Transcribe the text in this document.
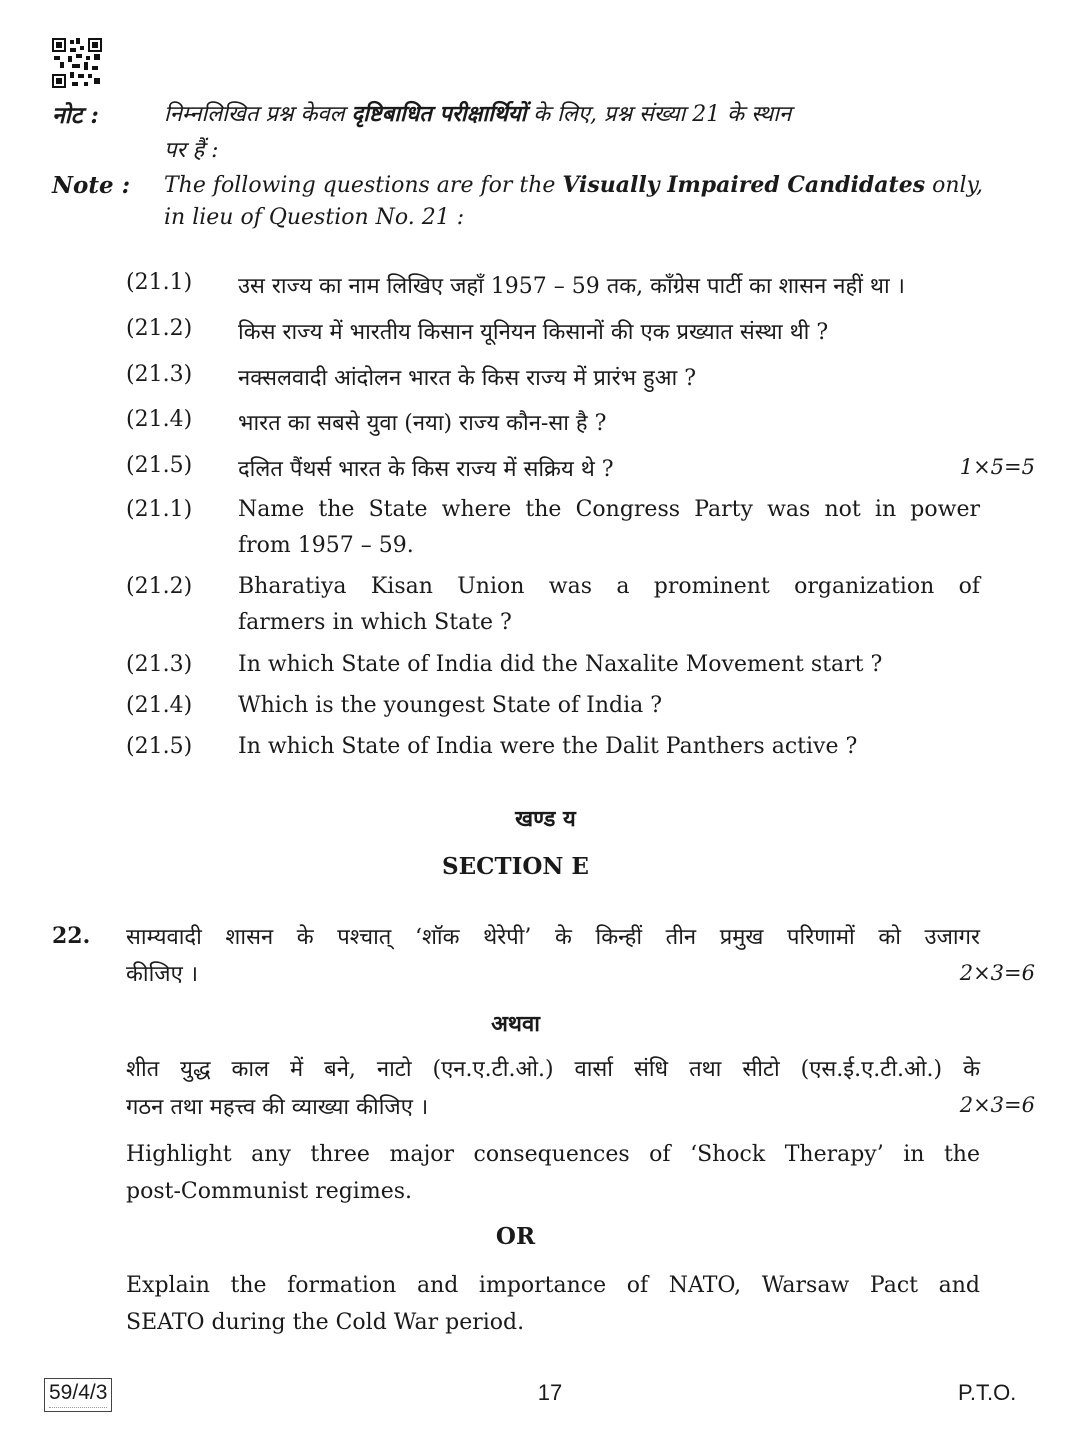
नोट :	निम्नलिखित प्रश्न केवल दृष्टिबाधित परीक्षार्थियों के लिए, प्रश्न संख्या 21 के स्थान
पर हैं :
Note : The following questions are for the Visually Impaired Candidates only,
in lieu of Question No. 21 :
(21.1) उस राज्य का नाम लिखिए जहाँ 1957 – 59 तक, काँग्रेस पार्टी का शासन नहीं था ।
(21.2) किस राज्य में भारतीय किसान यूनियन किसानों की एक प्रख्यात संस्था थी ?
(21.3) नक्सलवादी आंदोलन भारत के किस राज्य में प्रारंभ हुआ ?
(21.4) भारत का सबसे युवा (नया) राज्य कौन-सा है ?
(21.5) दलित पैंथर्स भारत के किस राज्य में सक्रिय थे ?	1×5=5
(21.1) Name the State where the Congress Party was not in power
from 1957 – 59.
(21.2) Bharatiya Kisan Union was a prominent organization of
farmers in which State ?
(21.3) In which State of India did the Naxalite Movement start ?
(21.4) Which is the youngest State of India ?
(21.5) In which State of India were the Dalit Panthers active ?
खण्ड य
SECTION E
22. साम्यवादी शासन के पश्चात् ‘शॉक थेरेपी’ के किन्हीं तीन प्रमुख परिणामों को उजागर
कीजिए ।	2×3=6
अथवा
शीत युद्ध काल में बने, नाटो (एन.ए.टी.ओ.) वार्सा संधि तथा सीटो (एस.ई.ए.टी.ओ.) के
गठन तथा महत्त्व की व्याख्या कीजिए ।	2×3=6
Highlight any three major consequences of ‘Shock Therapy’ in the
post-Communist regimes.
OR
Explain the formation and importance of NATO, Warsaw Pact and
SEATO during the Cold War period.
59/4/3	17	P.T.O.
